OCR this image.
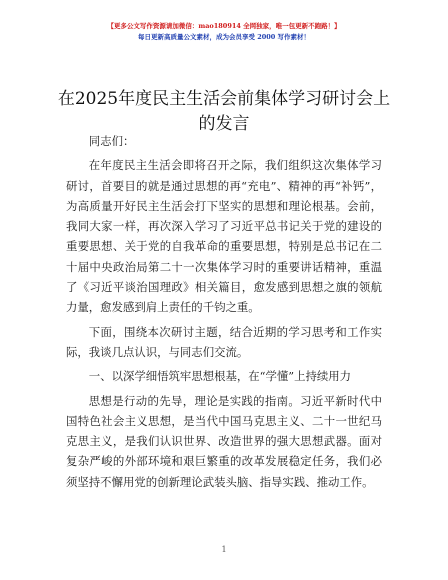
【更多公文写作资源请加微信：mao180914 全网独家，唯一包更新不跑路！】
每日更新高质量公文素材，成为会员享受 2000 写作素材！
在2025年度民主生活会前集体学习研讨会上的发言

同志们：

在年度民主生活会即将召开之际，我们组织这次集体学习研讨，首要目的就是通过思想的再“充电”、精神的再“补钙”，为高质量开好民主生活会打下坚实的思想和理论根基。会前，我同大家一样，再次深入学习了习近平总书记关于党的建设的重要思想、关于党的自我革命的重要思想，特别是总书记在二十届中央政治局第二十一次集体学习时的重要讲话精神，重温了《习近平谈治国理政》相关篇目，愈发感到思想之旗的领航力量，愈发感到肩上责任的千钧之重。

下面，围绕本次研讨主题，结合近期的学习思考和工作实际，我谈几点认识，与同志们交流。

一、以深学细悟筑牢思想根基，在“学懂”上持续用力

思想是行动的先导，理论是实践的指南。习近平新时代中国特色社会主义思想，是当代中国马克思主义、二十一世纪马克思主义，是我们认识世界、改造世界的强大思想武器。面对复杂严峻的外部环境和艰巨繁重的改革发展稳定任务，我们必须坚持不懈用党的创新理论武装头脑、指导实践、推动工作。

1
